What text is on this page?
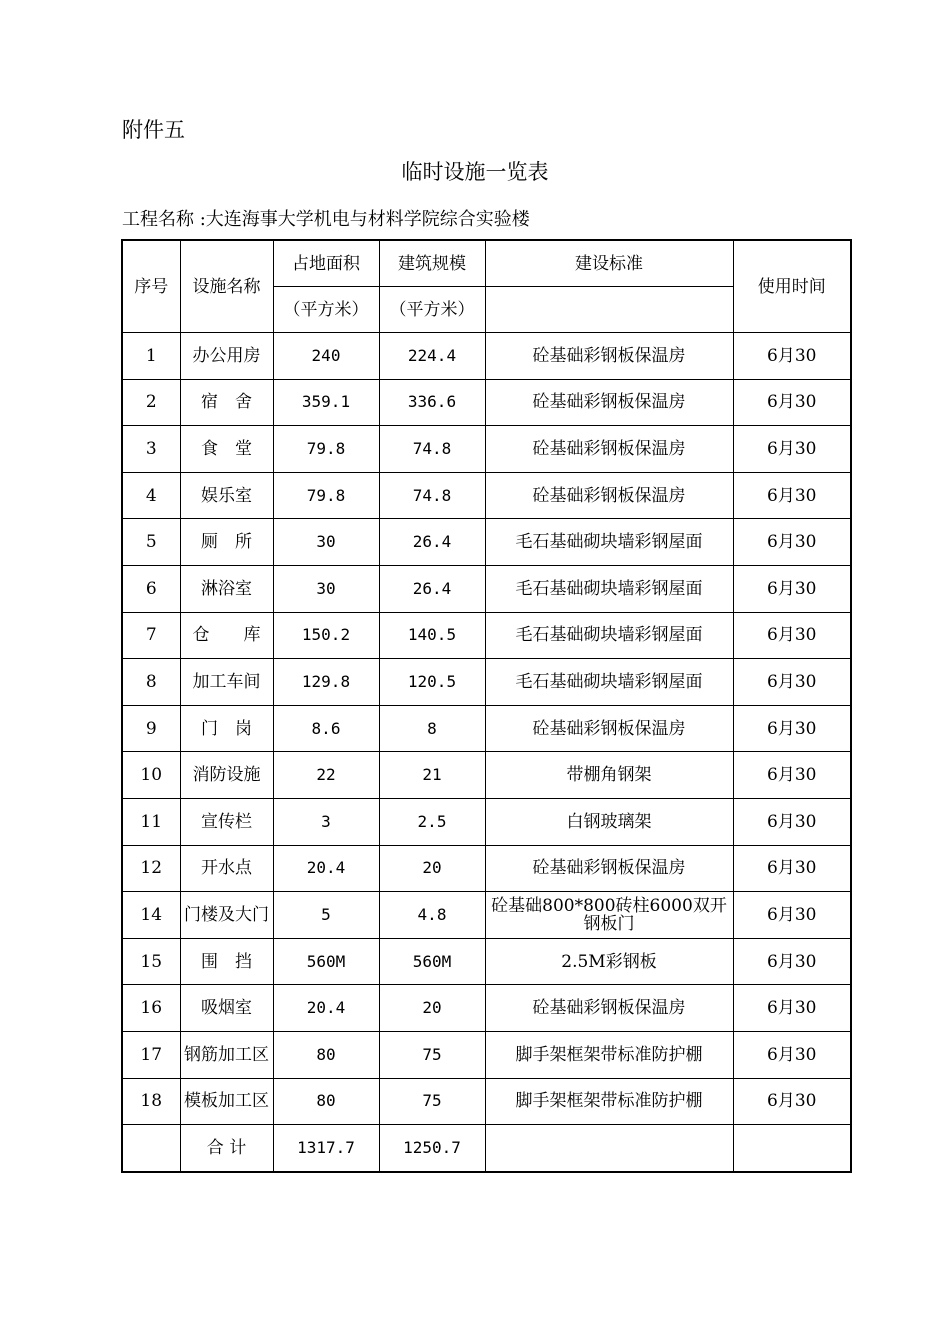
附件五
临时设施一览表
工程名称 :大连海事大学机电与材料学院综合实验楼
序号	设施名称	占地面积	建筑规模	建设标准	使用时间
		（平方米）	（平方米）		
1	办公用房	240	224.4	砼基础彩钢板保温房	6月30
2	宿　舍	359.1	336.6	砼基础彩钢板保温房	6月30
3	食　堂	79.8	74.8	砼基础彩钢板保温房	6月30
4	娱乐室	79.8	74.8	砼基础彩钢板保温房	6月30
5	厕　所	30	26.4	毛石基础砌块墙彩钢屋面	6月30
6	淋浴室	30	26.4	毛石基础砌块墙彩钢屋面	6月30
7	仓　　库	150.2	140.5	毛石基础砌块墙彩钢屋面	6月30
8	加工车间	129.8	120.5	毛石基础砌块墙彩钢屋面	6月30
9	门　岗	8.6	8	砼基础彩钢板保温房	6月30
10	消防设施	22	21	带棚角钢架	6月30
11	宣传栏	3	2.5	白钢玻璃架	6月30
12	开水点	20.4	20	砼基础彩钢板保温房	6月30
14	门楼及大门	5	4.8	砼基础800*800砖柱6000双开钢板门	6月30
15	围　挡	560M	560M	2.5M彩钢板	6月30
16	吸烟室	20.4	20	砼基础彩钢板保温房	6月30
17	钢筋加工区	80	75	脚手架框架带标准防护棚	6月30
18	模板加工区	80	75	脚手架框架带标准防护棚	6月30
	合 计	1317.7	1250.7		
